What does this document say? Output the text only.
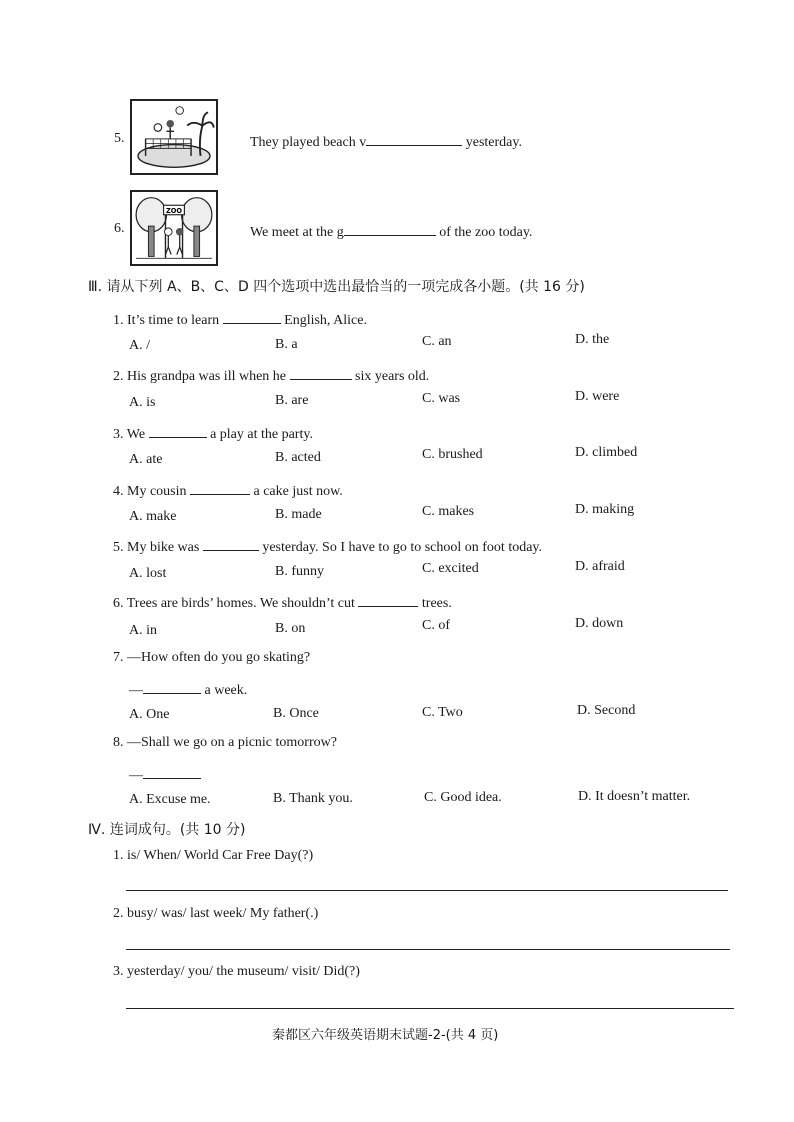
5.	They played beach v	yesterday.
6.
ZOO
We meet at the g	of the zoo today.
Ⅲ. 请从下列 A、B、C、D 四个选项中选出最恰当的一项完成各小题。(共 16 分)
1. It’s time to learn	English, Alice.
A. /	B. a	C. an	D. the
2. His grandpa was ill when he	six years old.
A. is	B. are	C. was	D. were
3. We	a play at the party.
A. ate	B. acted	C. brushed	D. climbed
4. My cousin	a cake just now.
A. make	B. made	C. makes	D. making
5. My bike was	yesterday. So I have to go to school on foot today.
A. lost	B. funny	C. excited	D. afraid
6. Trees are birds’ homes. We shouldn’t cut	trees.
A. in	B. on	C. of	D. down
7. —How often do you go skating?
—	a week.
A. One	B. Once	C. Two	D. Second
8. —Shall we go on a picnic tomorrow?
—
A. Excuse me.	B. Thank you.	C. Good idea.	D. It doesn’t matter.
Ⅳ. 连词成句。(共 10 分)
1. is/ When/ World Car Free Day(?)
2. busy/ was/ last week/ My father(.)
3. yesterday/ you/ the museum/ visit/ Did(?)
秦都区六年级英语期末试题-2-(共 4 页)
